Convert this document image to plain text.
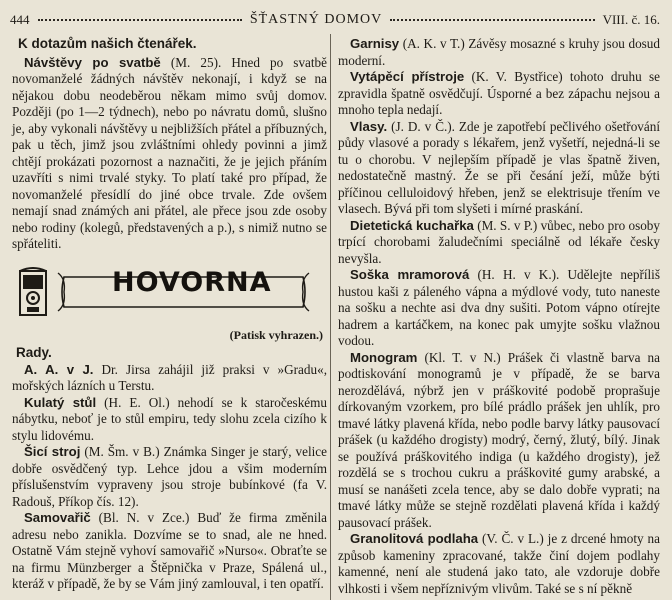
444	ŠŤASTNÝ DOMOV	VIII. č. 16.
K dotazům našich čtenářek.

Návštěvy po svatbě (M. 25). Hned po svatbě novomanželé žádných návštěv nekonají, i když se na nějakou dobu neodeběrou někam mimo svůj domov. Později (po 1—2 týdnech), nebo po návratu domů, slušno je, aby vykonali návštěvy u nejbližších přátel a příbuzných, pak u těch, jimž jsou zvláštními ohledy povinni a jimž chtějí prokázati pozornost a naznačiti, že je jejich přáním uzavříti s nimi trvalé styky. To platí také pro případ, že novomanželé přesídlí do jiné obce trvale. Zde ovšem nemají snad známých ani přátel, ale přece jsou zde osoby nebo rodiny (kolegů, představených a p.), s nimiž nutno se spřáteliti.

HOVORNA
(Patisk vyhrazen.)
Rady.

A. A. v J. Dr. Jirsa zahájil již praksi v »Gradu«, mořských lázních u Terstu.

Kulatý stůl (H. E. Ol.) nehodí se k staročeskému nábytku, neboť je to stůl empiru, tedy slohu zcela cizího k stylu lidovému.

Šicí stroj (M. Šm. v B.) Známka Singer je starý, velice dobře osvědčený typ. Lehce jdou a všim moderním příslušenstvím vypraveny jsou stroje bubínkové (fa V. Radouš, Příkop čís. 12).

Samovařič (Bl. N. v Zce.) Buď že firma změnila adresu nebo zanikla. Dozvíme se to snad, ale ne hned. Ostatně Vám stejně vyhoví samovařič »Nurso«. Obraťte se na firmu Münzberger a Štěpnička v Praze, Spálená ul., kteráž v případě, že by se Vám jiný zamlouval, i ten opatří.

Garnisy (A. K. v T.) Závěsy mosazné s kruhy jsou dosud moderní.

Vytápěcí přístroje (K. V. Bystřice) tohoto druhu se zpravidla špatně osvědčují. Úsporné a bez zápachu nejsou a mnoho tepla nedají.

Vlasy. (J. D. v Č.). Zde je zapotřebí pečlivého ošetřování půdy vlasové a porady s lékařem, jenž vyšetří, nejedná-li se tu o chorobu. V nejlepším případě je vlas špatně živen, nedostatečně mastný. Že se při česání ježí, může býti příčinou celluloidový hřeben, jenž se elektrisuje třením ve vlasech. Bývá při tom slyšeti i mírné praskání.

Dietetická kuchařka (M. S. v P.) vůbec, nebo pro osoby trpící chorobami žaludečními speciálně od lékaře česky nevyšla.

Soška mramorová (H. H. v K.). Udělejte nepříliš hustou kaši z páleného vápna a mýdlové vody, tuto naneste na sošku a nechte asi dva dny sušiti. Potom vápno otírejte hadrem a kartáčkem, na konec pak umyjte sošku vlažnou vodou.

Monogram (Kl. T. v N.) Prášek či vlastně barva na podtiskování monogramů je v případě, že se barva nerozdělává, nýbrž jen v práškovité podobě proprašuje dírkovaným vzorkem, pro bílé prádlo prášek jen uhlík, pro tmavé látky plavená křída, nebo podle barvy látky pausovací prášek (u každého drogisty) modrý, černý, žlutý, bílý. Jinak se používá práškovitého indiga (u každého drogisty), jež rozdělá se s trochou cukru a práškovité gumy arabské, a musí se nanášeti zcela tence, aby se dalo dobře vyprati; na tmavé látky může se stejně rozdělati plavená křída i každý pausovací prášek.

Granolitová podlaha (V. Č. v L.) je z drcené hmoty na způsob kameniny zpracované, takže činí dojem podlahy kamenné, není ale studená jako tato, ale vzdoruje dobře vlhkosti i všem nepříznivým vlivům. Také se s ní pěkně
